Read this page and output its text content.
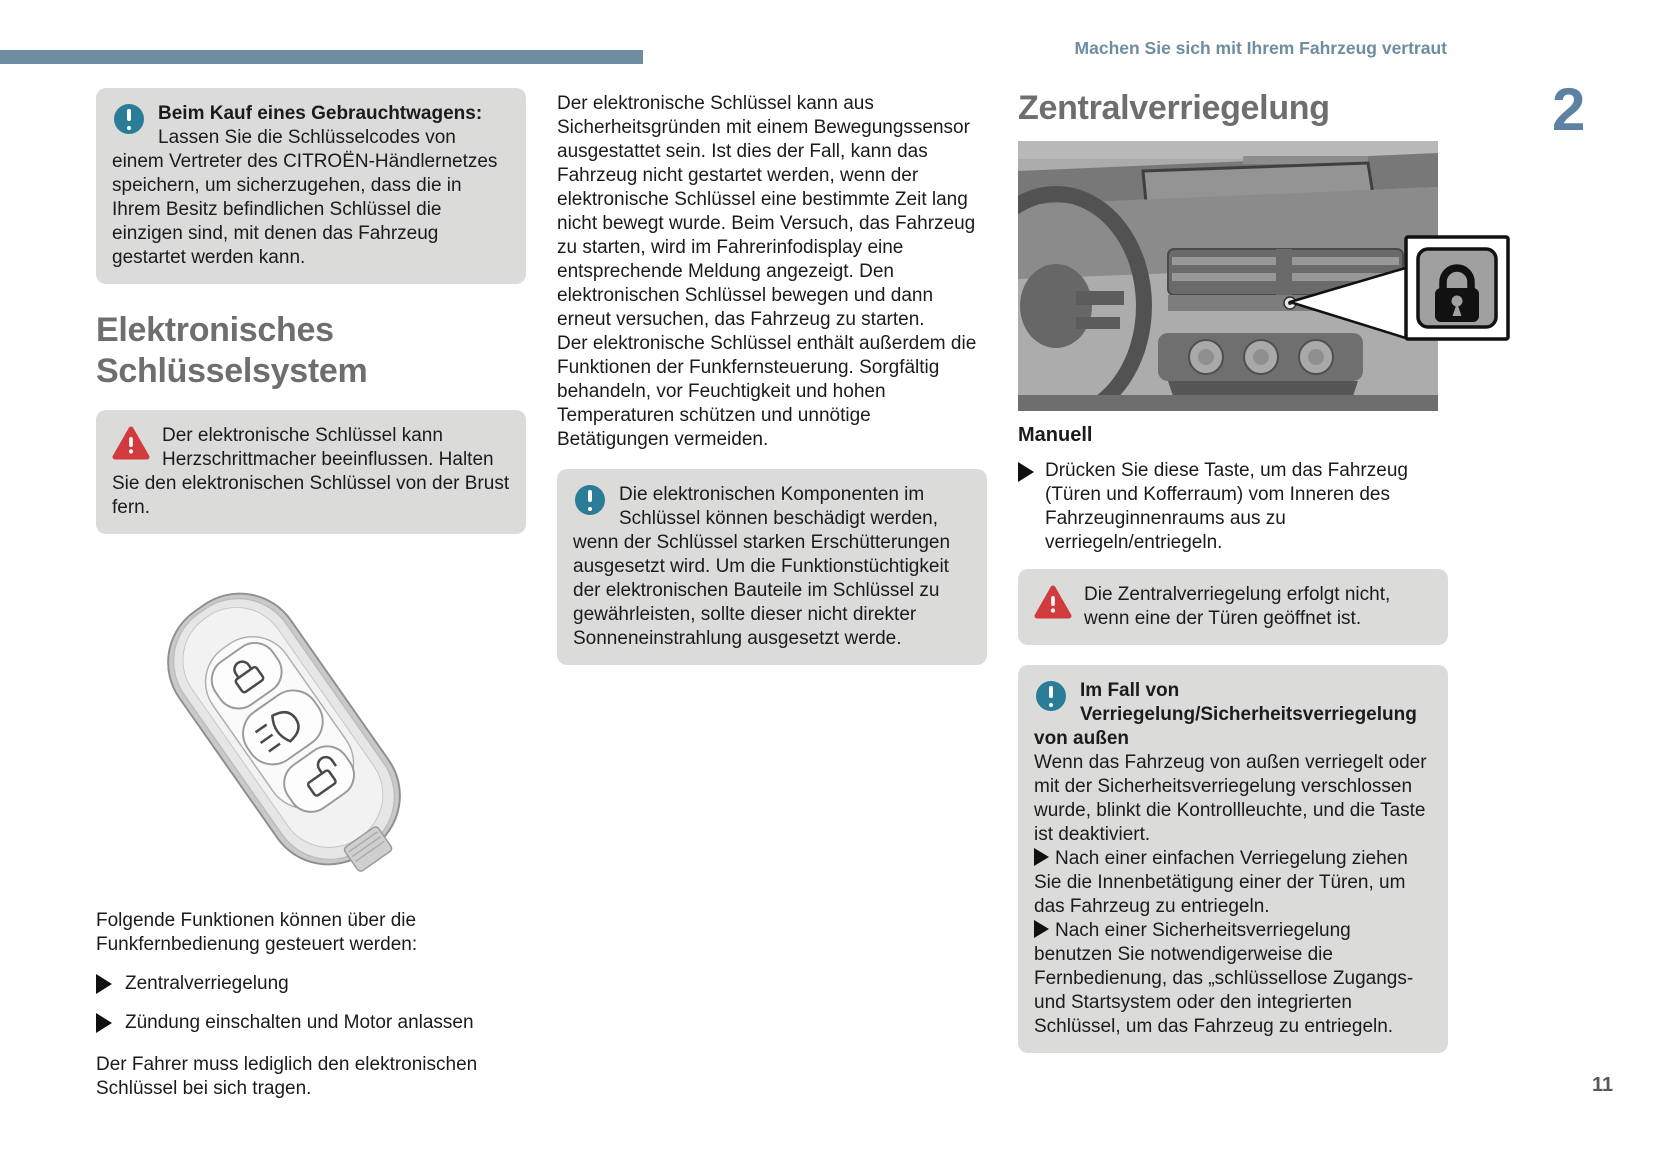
Machen Sie sich mit Ihrem Fahrzeug vertraut
2
11
Beim Kauf eines Gebrauchtwagens:
Lassen Sie die Schlüsselcodes von einem Vertreter des CITROËN-Händlernetzes speichern, um sicherzugehen, dass die in Ihrem Besitz befindlichen Schlüssel die einzigen sind, mit denen das Fahrzeug gestartet werden kann.
Elektronisches Schlüsselsystem
Der elektronische Schlüssel kann Herzschrittmacher beeinflussen. Halten Sie den elektronischen Schlüssel von der Brust fern.

Folgende Funktionen können über die Funkfernbedienung gesteuert werden:

Zentralverriegelung
Zündung einschalten und Motor anlassen

Der Fahrer muss lediglich den elektronischen Schlüssel bei sich tragen.

Der elektronische Schlüssel kann aus Sicherheitsgründen mit einem Bewegungssensor ausgestattet sein. Ist dies der Fall, kann das Fahrzeug nicht gestartet werden, wenn der elektronische Schlüssel eine bestimmte Zeit lang nicht bewegt wurde. Beim Versuch, das Fahrzeug zu starten, wird im Fahrerinfodisplay eine entsprechende Meldung angezeigt. Den elektronischen Schlüssel bewegen und dann erneut versuchen, das Fahrzeug zu starten.

Der elektronische Schlüssel enthält außerdem die Funktionen der Funkfernsteuerung. Sorgfältig behandeln, vor Feuchtigkeit und hohen Temperaturen schützen und unnötige Betätigungen vermeiden.

Die elektronischen Komponenten im Schlüssel können beschädigt werden, wenn der Schlüssel starken Erschütterungen ausgesetzt wird. Um die Funktionstüchtigkeit der elektronischen Bauteile im Schlüssel zu gewährleisten, sollte dieser nicht direkter Sonneneinstrahlung ausgesetzt werde.
Zentralverriegelung
Manuell
Drücken Sie diese Taste, um das Fahrzeug (Türen und Kofferraum) vom Inneren des Fahrzeuginnenraums aus zu verriegeln/entriegeln.
Die Zentralverriegelung erfolgt nicht, wenn eine der Türen geöffnet ist.
Im Fall von Verriegelung/Sicherheitsverriegelung von außen

Wenn das Fahrzeug von außen verriegelt oder mit der Sicherheitsverriegelung verschlossen wurde, blinkt die Kontrollleuchte, und die Taste ist deaktiviert.

Nach einer einfachen Verriegelung ziehen Sie die Innenbetätigung einer der Türen, um das Fahrzeug zu entriegeln.

Nach einer Sicherheitsverriegelung benutzen Sie notwendigerweise die Fernbedienung, das „schlüssellose Zugangs- und Startsystem oder den integrierten Schlüssel, um das Fahrzeug zu entriegeln.
